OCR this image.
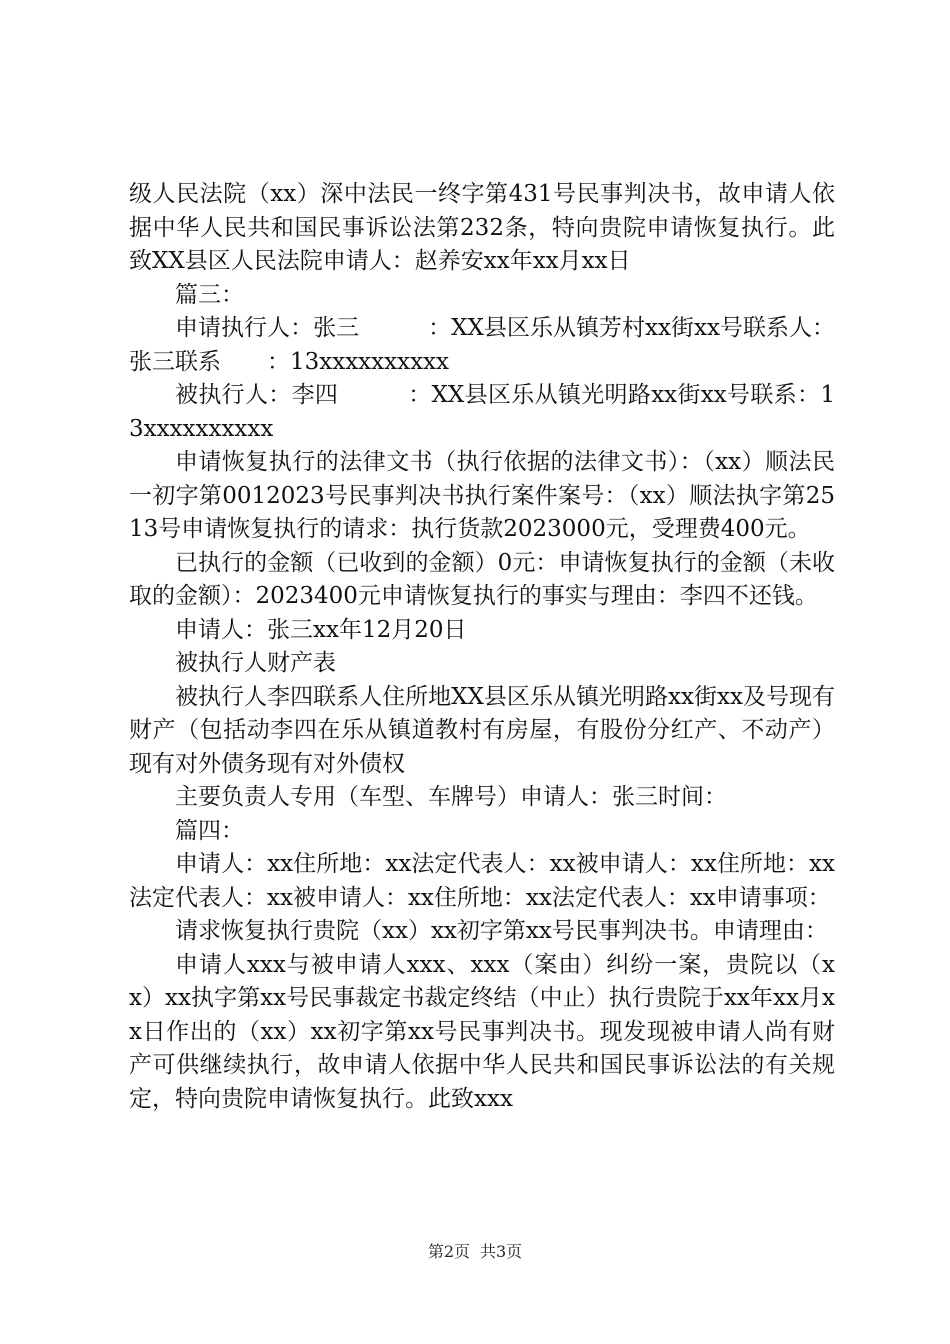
级人民法院（xx）深中法民一终字第431号民事判决书，故申请人依据中华人民共和国民事诉讼法第232条，特向贵院申请恢复执行。此致XX县区人民法院申请人：赵养安xx年xx月xx日

篇三：

申请执行人：张三　　　：XX县区乐从镇芳村xx街xx号联系人：张三联系　　：13xxxxxxxxxx

被执行人：李四　　　：XX县区乐从镇光明路xx街xx号联系：13xxxxxxxxxx

申请恢复执行的法律文书（执行依据的法律文书）：（xx）顺法民一初字第0012023号民事判决书执行案件案号：（xx）顺法执字第2513号申请恢复执行的请求：执行货款2023000元，受理费400元。

已执行的金额（已收到的金额）0元：申请恢复执行的金额（未收取的金额）：2023400元申请恢复执行的事实与理由：李四不还钱。

申请人：张三xx年12月20日

被执行人财产表

被执行人李四联系人住所地XX县区乐从镇光明路xx街xx及号现有财产（包括动李四在乐从镇道教村有房屋，有股份分红产、不动产）现有对外债务现有对外债权

主要负责人专用（车型、车牌号）申请人：张三时间：

篇四：

申请人：xx住所地：xx法定代表人：xx被申请人：xx住所地：xx法定代表人：xx被申请人：xx住所地：xx法定代表人：xx申请事项：

请求恢复执行贵院（xx）xx初字第xx号民事判决书。申请理由：

申请人xxx与被申请人xxx、xxx（案由）纠纷一案，贵院以（xx）xx执字第xx号民事裁定书裁定终结（中止）执行贵院于xx年xx月xx日作出的（xx）xx初字第xx号民事判决书。现发现被申请人尚有财产可供继续执行，故申请人依据中华人民共和国民事诉讼法的有关规定，特向贵院申请恢复执行。此致xxx

第2页 共3页
